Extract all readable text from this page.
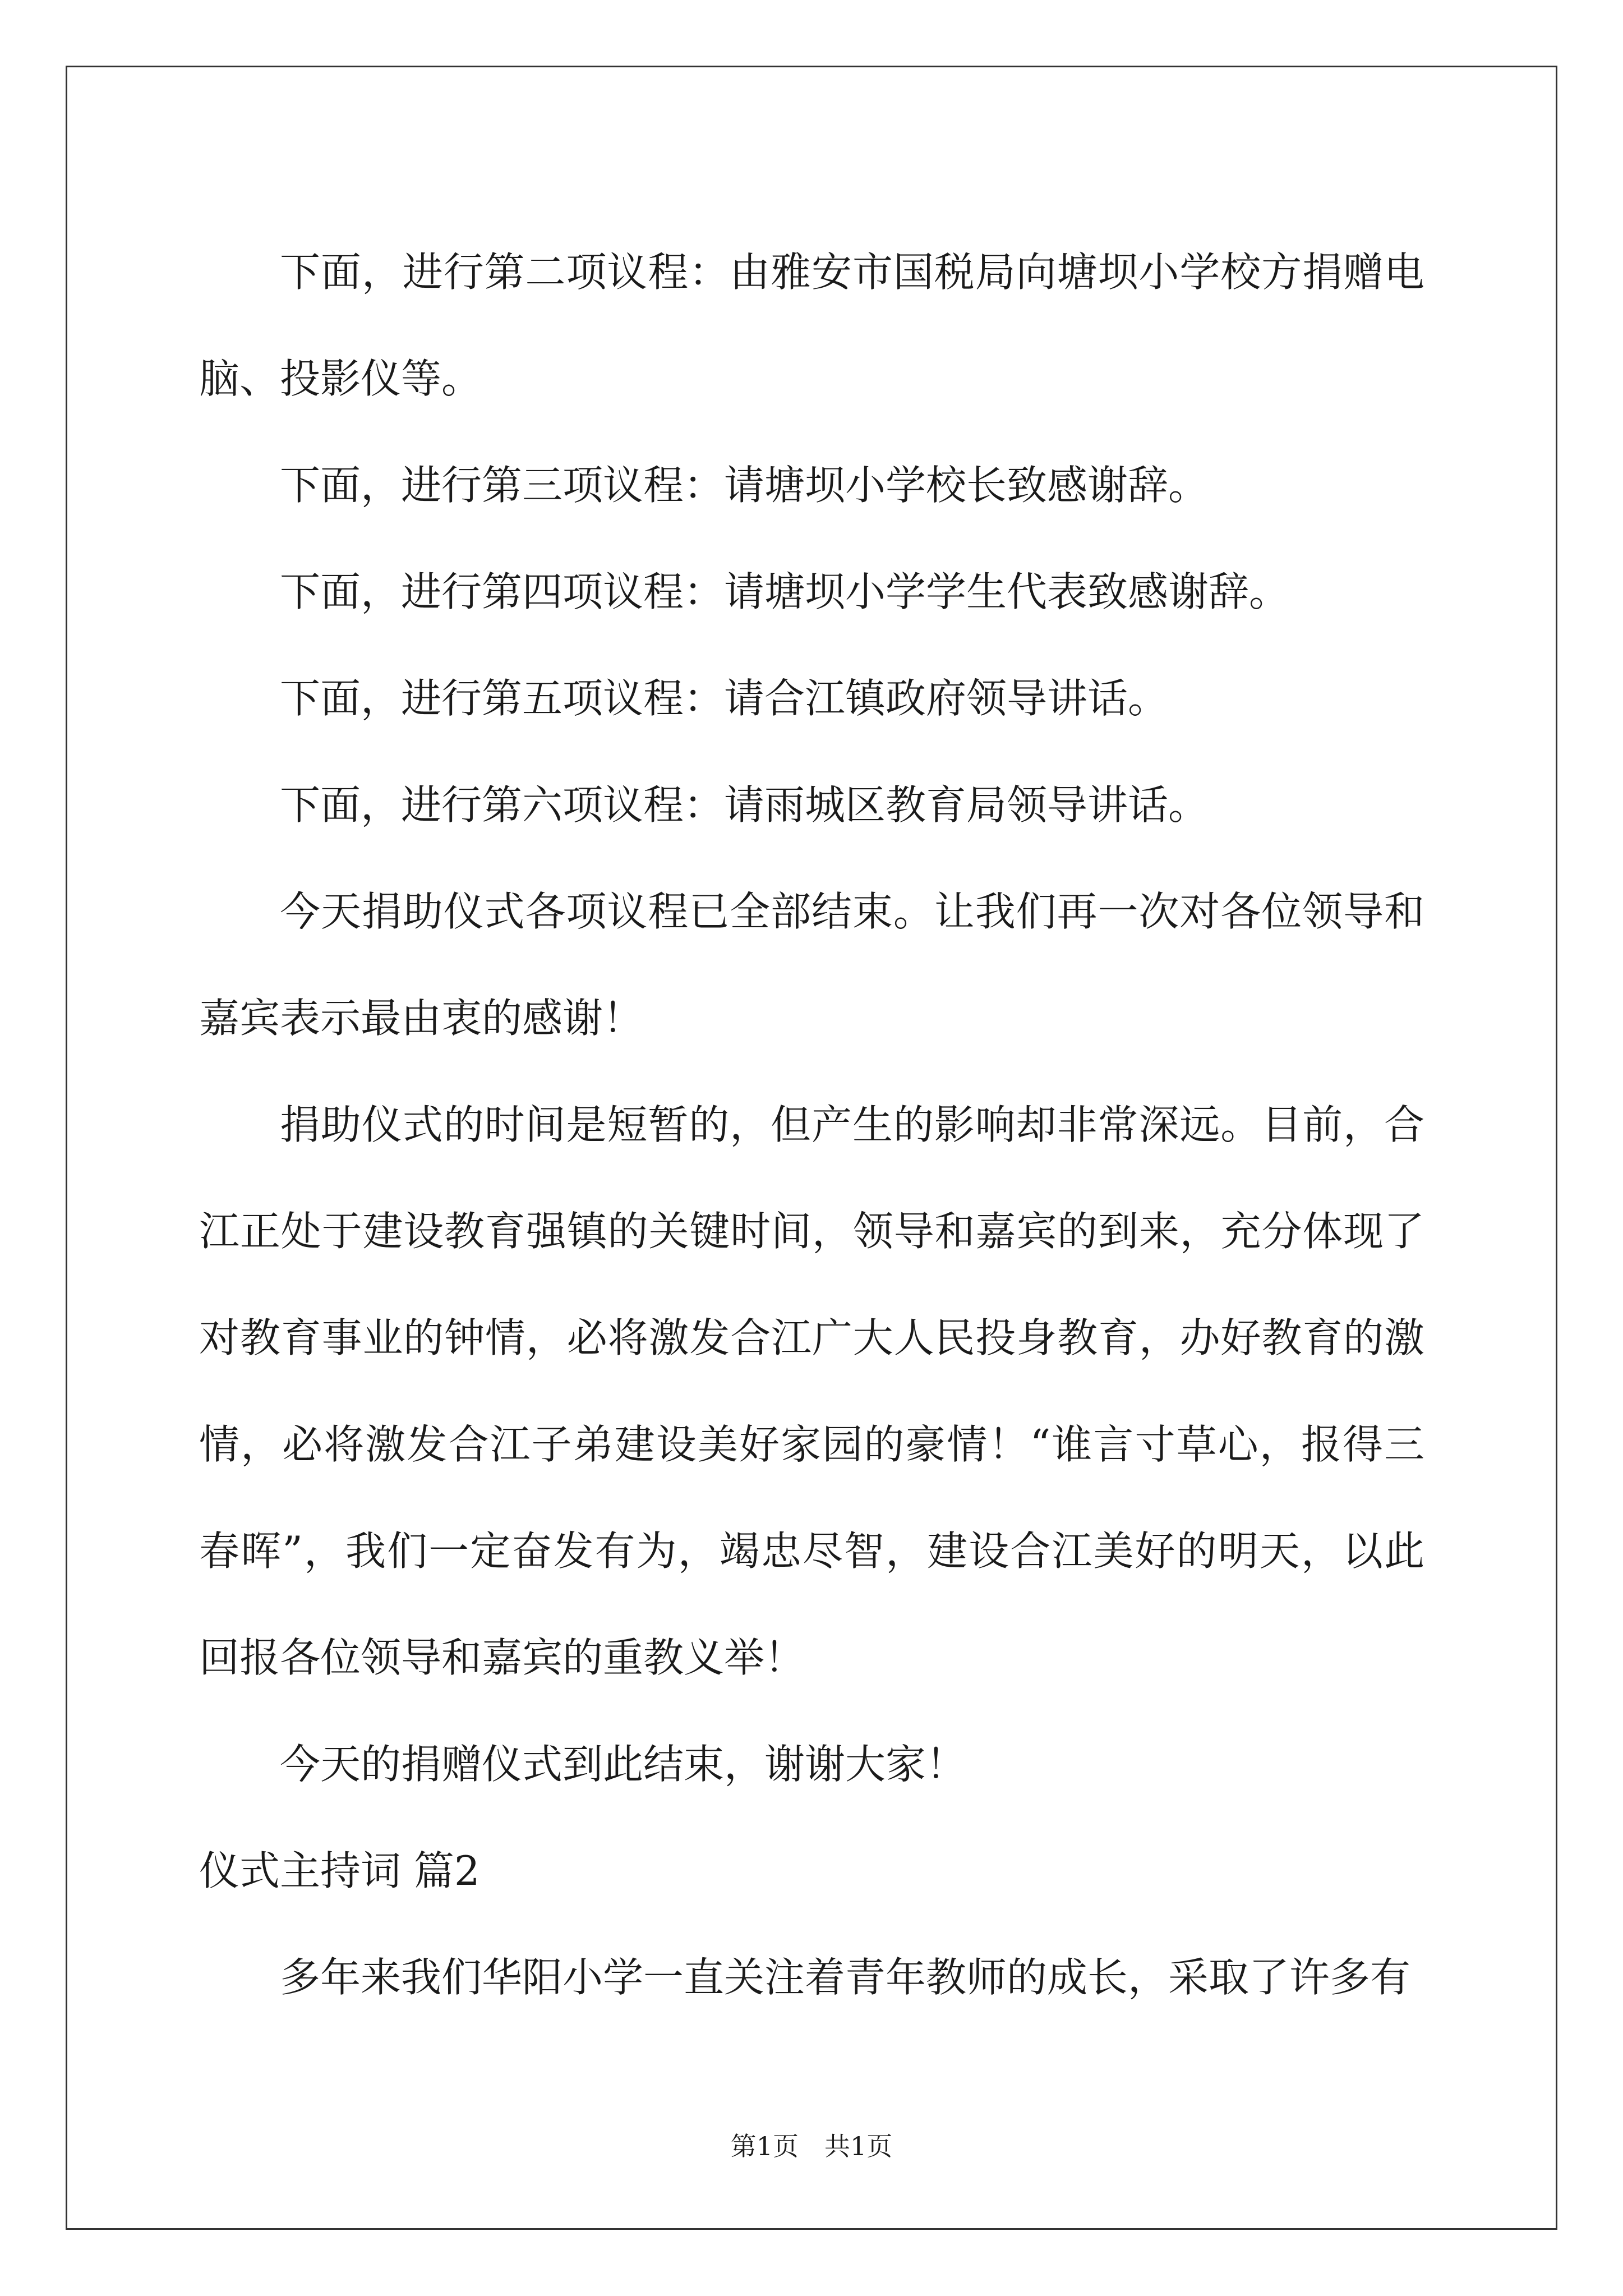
下面，进行第二项议程：由雅安市国税局向塘坝小学校方捐赠电脑、投影仪等。

下面，进行第三项议程：请塘坝小学校长致感谢辞。

下面，进行第四项议程：请塘坝小学学生代表致感谢辞。

下面，进行第五项议程：请合江镇政府领导讲话。

下面，进行第六项议程：请雨城区教育局领导讲话。

今天捐助仪式各项议程已全部结束。让我们再一次对各位领导和嘉宾表示最由衷的感谢！

捐助仪式的时间是短暂的，但产生的影响却非常深远。目前，合江正处于建设教育强镇的关键时间，领导和嘉宾的到来，充分体现了对教育事业的钟情，必将激发合江广大人民投身教育，办好教育的激情，必将激发合江子弟建设美好家园的豪情！“谁言寸草心，报得三春晖”，我们一定奋发有为，竭忠尽智，建设合江美好的明天，以此回报各位领导和嘉宾的重教义举！

今天的捐赠仪式到此结束，谢谢大家！

仪式主持词 篇2

多年来我们华阳小学一直关注着青年教师的成长，采取了许多有

第1页　共1页
